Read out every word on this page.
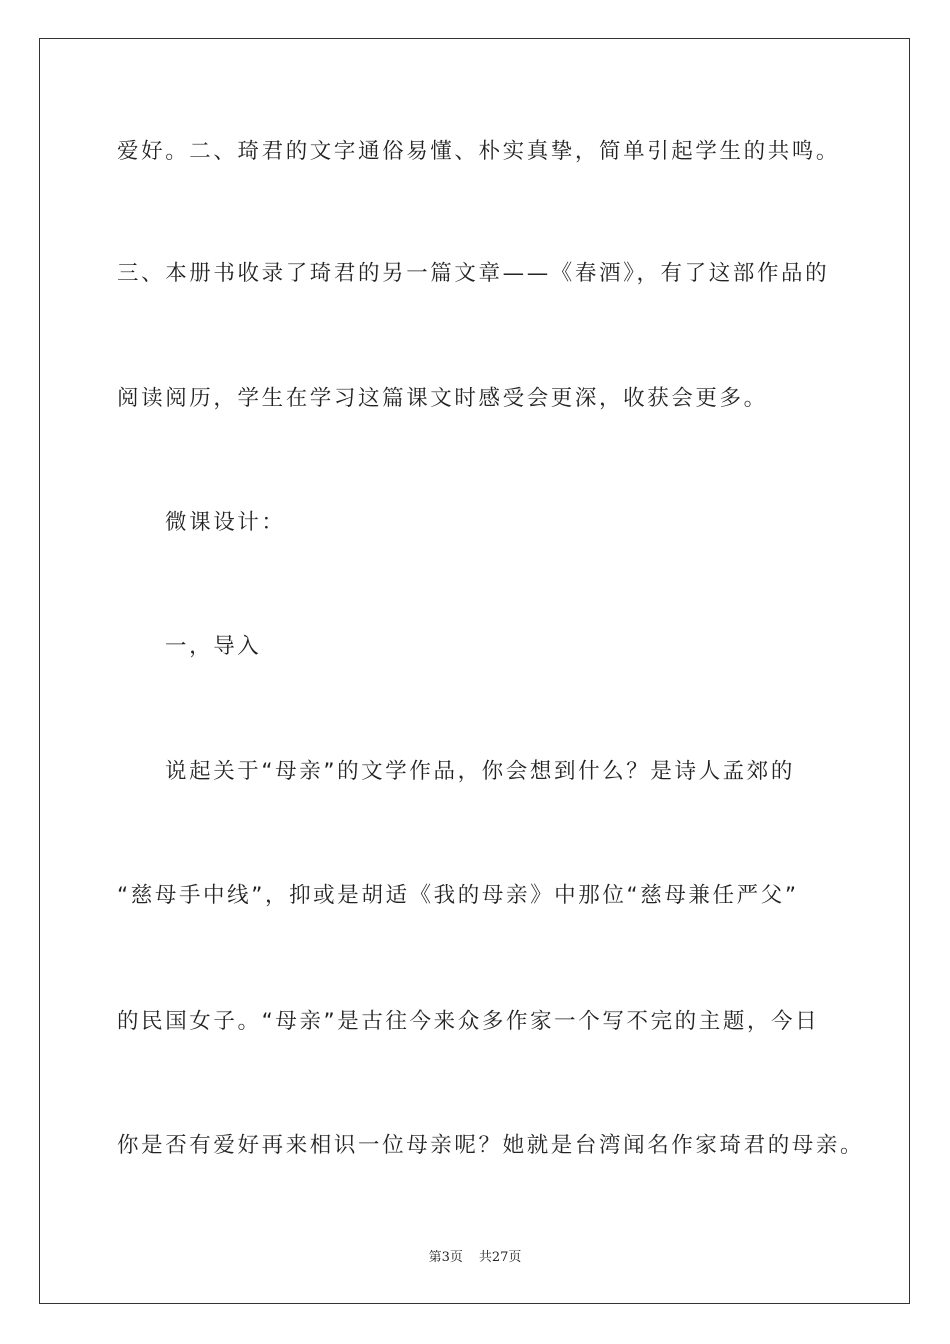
爱好。二、琦君的文字通俗易懂、朴实真挚，简单引起学生的共鸣。
三、本册书收录了琦君的另一篇文章——《春酒》，有了这部作品的
阅读阅历，学生在学习这篇课文时感受会更深，收获会更多。
微课设计：
一，导入
说起关于“母亲”的文学作品，你会想到什么？是诗人孟郊的
“慈母手中线”，抑或是胡适《我的母亲》中那位“慈母兼任严父”
的民国女子。“母亲”是古往今来众多作家一个写不完的主题，今日
你是否有爱好再来相识一位母亲呢？她就是台湾闻名作家琦君的母亲。
第3页 共27页
